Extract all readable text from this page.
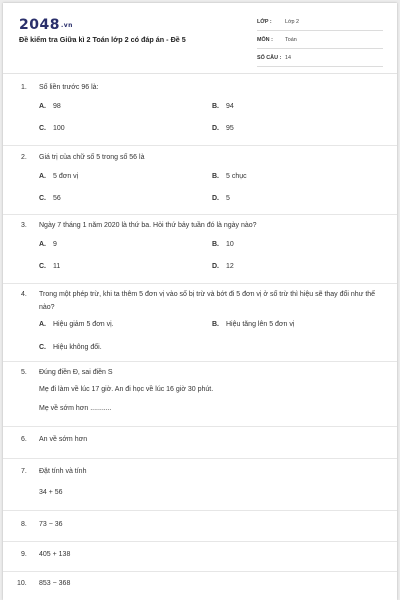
2048.vn
Đề kiểm tra Giữa kì 2 Toán lớp 2 có đáp án - Đề 5
LỚP : Lớp 2
MÔN : Toán
SỐ CÂU : 14
1. Số liền trước 96 là:
A. 98	B. 94
C. 100	D. 95
2. Giá trị của chữ số 5 trong số 56 là
A. 5 đơn vị	B. 5 chục
C. 56	D. 5
3. Ngày 7 tháng 1 năm 2020 là thứ ba. Hỏi thứ bảy tuần đó là ngày nào?
A. 9	B. 10
C. 11	D. 12
4. Trong một phép trừ, khi ta thêm 5 đơn vị vào số bị trừ và bớt đi 5 đơn vị ở số trừ thì hiệu sẽ thay đổi như thế nào?
A. Hiệu giảm 5 đơn vị.	B. Hiệu tăng lên 5 đơn vị
C. Hiệu không đổi.
5. Đúng điền Đ, sai điền S
Mẹ đi làm về lúc 17 giờ. An đi học về lúc 16 giờ 30 phút.
Mẹ về sớm hơn ...........
6. An về sớm hơn
7. Đặt tính và tính
34 + 56
8. 73 − 36
9. 405 + 138
10. 853 − 368
